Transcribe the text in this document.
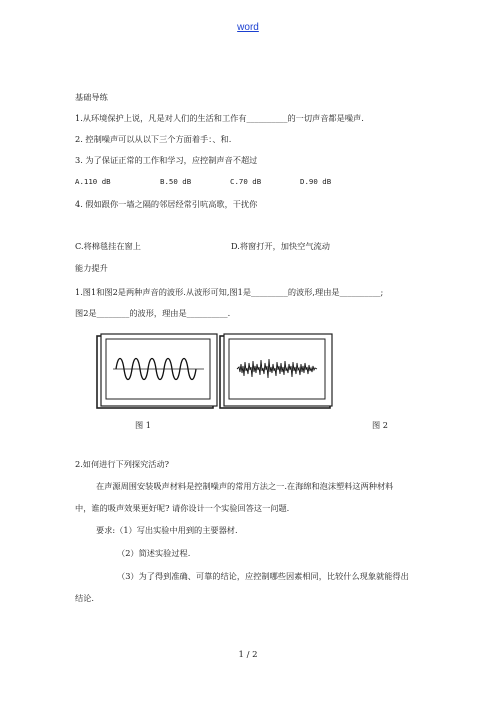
word
基础导练
1.从环境保护上说，凡是对人们的生活和工作有__________的一切声音都是噪声.
2. 控制噪声可以从以下三个方面着手：、和.
3. 为了保证正常的工作和学习，应控制声音不超过
A.110 dB	B.50 dB	C.70 dB	D.90 dB
4. 假如跟你一墙之隔的邻居经常引吭高歌，干扰你
C.将棉毯挂在窗上	D.将窗打开，加快空气流动
能力提升
1.图1和图2是两种声音的波形.从波形可知,图1是_________的波形,理由是__________;
图2是________的波形，理由是__________.
图 1	图 2
2.如何进行下列探究活动?
在声源周围安装吸声材料是控制噪声的常用方法之一.在海绵和泡沫塑料这两种材料
中，谁的吸声效果更好呢? 请你设计一个实验回答这一问题.
要求:（1）写出实验中用到的主要器材.
（2）简述实验过程.
（3）为了得到准确、可靠的结论，应控制哪些因素相同，比较什么现象就能得出
结论.
1 / 2
